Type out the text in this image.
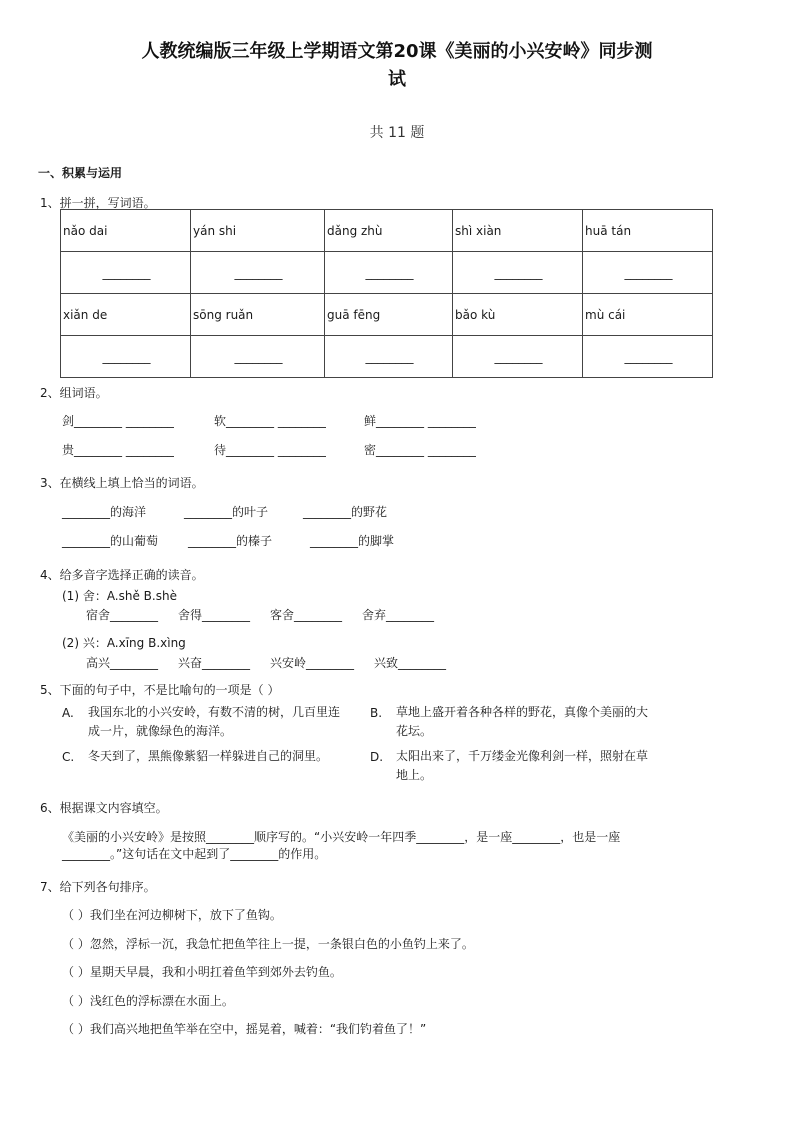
人教统编版三年级上学期语文第20课《美丽的小兴安岭》同步测
试
共 11 题
一、积累与运用
1、拼一拼，写词语。
nǎo dai	yán shi	dǎng zhù	shì xiàn	huā tán
________	________	________	________	________
xiǎn de	sōng ruǎn	guā fēng	bǎo kù	mù cái
________	________	________	________	________
2、组词语。
剑________ ________	软________ ________	鲜________ ________
贵________ ________	待________ ________	密________ ________
3、在横线上填上恰当的词语。
________的海洋	________的叶子	________的野花
________的山葡萄 ________的榛子	________的脚掌
4、给多音字选择正确的读音。
(1) 舍：A.shě B.shè
宿舍________ 舍得________ 客舍________ 舍弃________
(2) 兴：A.xīng B.xìng
高兴________ 兴奋________ 兴安岭________ 兴致________
5、下面的句子中，不是比喻句的一项是（ ）
A. 我国东北的小兴安岭，有数不清的树，几百里连成一片，就像绿色的海洋。
B. 草地上盛开着各种各样的野花，真像个美丽的大花坛。
C. 冬天到了，黑熊像紫貂一样躲进自己的洞里。	D. 太阳出来了，千万缕金光像利剑一样，照射在草地上。
6、根据课文内容填空。
《美丽的小兴安岭》是按照________顺序写的。“小兴安岭一年四季________，是一座________，也是一座
________。”这句话在文中起到了________的作用。
7、给下列各句排序。
（ ）我们坐在河边柳树下，放下了鱼钩。
（ ）忽然，浮标一沉，我急忙把鱼竿往上一提，一条银白色的小鱼钓上来了。
（ ）星期天早晨，我和小明扛着鱼竿到郊外去钓鱼。
（ ）浅红色的浮标漂在水面上。
（ ）我们高兴地把鱼竿举在空中，摇晃着，喊着：“我们钓着鱼了！”
